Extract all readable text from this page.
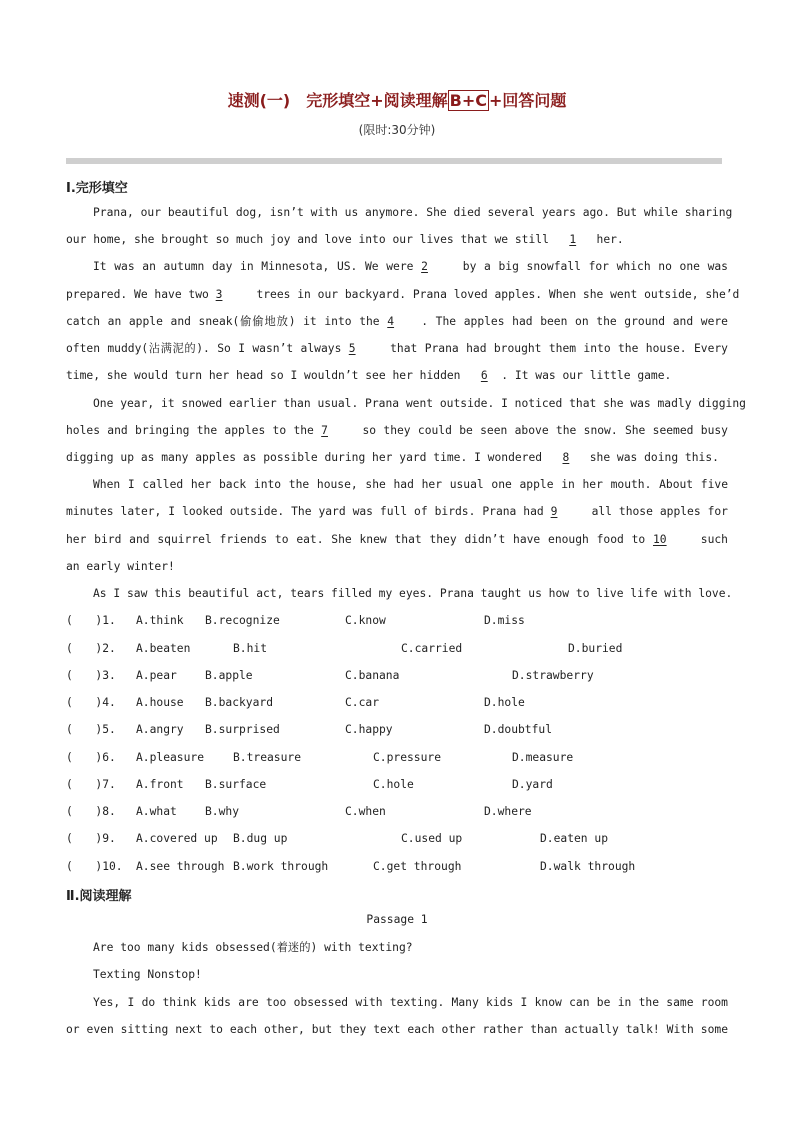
速测(一)　完形填空+阅读理解 B+C +回答问题
(限时:30分钟)
Ⅰ.完形填空
Prana, our beautiful dog, isn’t with us anymore. She died several years ago. But while sharing
our home, she brought so much joy and love into our lives that we still 1 her.
It was an autumn day in Minnesota, US. We were 2	by a big snowfall for which no one was
prepared. We have two 3	trees in our backyard. Prana loved apples. When she went outside, she’d
catch an apple and sneak(偷偷地放) it into the 4 . The apples had been on the ground and were
often muddy(沾满泥的). So I wasn’t always 5	that Prana had brought them into the house. Every
time, she would turn her head so I wouldn’t see her hidden 6 . It was our little game.
One year, it snowed earlier than usual. Prana went outside. I noticed that she was madly digging
holes and bringing the apples to the 7	so they could be seen above the snow. She seemed busy
digging up as many apples as possible during her yard time. I wondered 8 she was doing this.
When I called her back into the house, she had her usual one apple in her mouth. About five
minutes later, I looked outside. The yard was full of birds. Prana had 9	all those apples for
her bird and squirrel friends to eat. She knew that they didn’t have enough food to 10	such
an early winter!
As I saw this beautiful act, tears filled my eyes. Prana taught us how to live life with love.
(　　)1. A.think B.recognize	C.know	D.miss
(　　)2. A.beaten	B.hit	C.carried	D.buried
(　　)3. A.pear B.apple	C.banana	D.strawberry
(　　)4. A.house B.backyard	C.car	D.hole
(　　)5. A.angry B.surprised	C.happy	D.doubtful
(　　)6. A.pleasure	B.treasure	C.pressure	D.measure
(　　)7. A.front B.surface	C.hole	D.yard
(　　)8. A.what B.why	C.when	D.where
(　　)9. A.covered up B.dug up	C.used up	D.eaten up
(　　)10. A.see through B.work through	C.get through	D.walk through
Ⅱ.阅读理解
Passage 1
Are too many kids obsessed(着迷的) with texting?
Texting Nonstop!
Yes, I do think kids are too obsessed with texting. Many kids I know can be in the same room
or even sitting next to each other, but they text each other rather than actually talk! With some
